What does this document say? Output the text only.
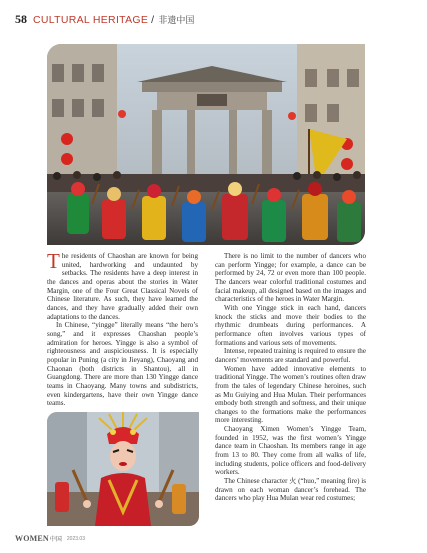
58 CULTURAL HERITAGE / 非遗中国

The residents of Chaoshan are known for being united, hardworking and undaunted by setbacks. The residents have a deep interest in the dances and operas about the stories in Water Margin, one of the Four Great Classical Novels of Chinese literature. As such, they have learned the dances, and they have gradually added their own adaptations to the dances.

In Chinese, “yingge” literally means “the hero’s song,” and it expresses Chaoshan people’s admiration for heroes. Yingge is also a symbol of righteousness and auspiciousness. It is especially popular in Puning (a city in Jieyang), Chaoyang and Chaonan (both districts in Shantou), all in Guangdong. There are more than 130 Yingge dance teams in Chaoyang. Many towns and subdistricts, even kindergartens, have their own Yingge dance teams.

There is no limit to the number of dancers who can perform Yingge; for example, a dance can be performed by 24, 72 or even more than 100 people. The dancers wear colorful traditional costumes and facial makeup, all designed based on the images and characteristics of the heroes in Water Margin.

With one Yingge stick in each hand, dancers knock the sticks and move their bodies to the rhythmic drumbeats during performances. A performance often involves various types of formations and various sets of movements.

Intense, repeated training is required to ensure the dancers’ movements are standard and powerful.

Women have added innovative elements to traditional Yingge. The women’s routines often draw from the tales of legendary Chinese heroines, such as Mu Guiying and Hua Mulan. Their performances embody both strength and softness, and their unique changes to the formations make the performances more interesting.

Chaoyang Ximen Women’s Yingge Team, founded in 1952, was the first women’s Yingge dance team in Chaoshan. Its members range in age from 13 to 80. They come from all walks of life, including students, police officers and food-delivery workers.

The Chinese character 火 (“huo,” meaning fire) is drawn on each woman dancer’s forehead. The dancers who play Hua Mulan wear red costumes;

WOMEN 中国 2023.03
